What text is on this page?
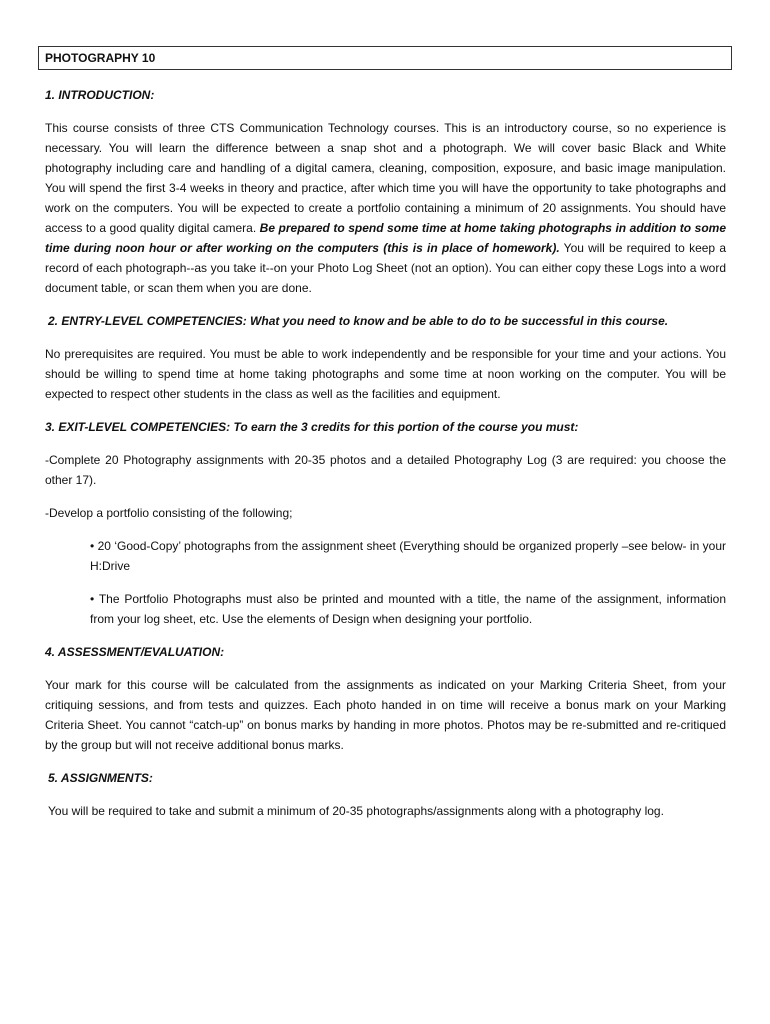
PHOTOGRAPHY 10
1. INTRODUCTION:
This course consists of three CTS Communication Technology courses. This is an introductory course, so no experience is necessary. You will learn the difference between a snap shot and a photograph. We will cover basic Black and White photography including care and handling of a digital camera, cleaning, composition, exposure, and basic image manipulation. You will spend the first 3-4 weeks in theory and practice, after which time you will have the opportunity to take photographs and work on the computers. You will be expected to create a portfolio containing a minimum of 20 assignments. You should have access to a good quality digital camera. Be prepared to spend some time at home taking photographs in addition to some time during noon hour or after working on the computers (this is in place of homework). You will be required to keep a record of each photograph--as you take it--on your Photo Log Sheet (not an option). You can either copy these Logs into a word document table, or scan them when you are done.
2. ENTRY-LEVEL COMPETENCIES: What you need to know and be able to do to be successful in this course.
No prerequisites are required. You must be able to work independently and be responsible for your time and your actions. You should be willing to spend time at home taking photographs and some time at noon working on the computer. You will be expected to respect other students in the class as well as the facilities and equipment.
3. EXIT-LEVEL COMPETENCIES: To earn the 3 credits for this portion of the course you must:
-Complete 20 Photography assignments with 20-35 photos and a detailed Photography Log (3 are required: you choose the other 17).
-Develop a portfolio consisting of the following;
• 20 ‘Good-Copy’ photographs from the assignment sheet (Everything should be organized properly –see below- in your H:Drive
• The Portfolio Photographs must also be printed and mounted with a title, the name of the assignment, information from your log sheet, etc. Use the elements of Design when designing your portfolio.
4. ASSESSMENT/EVALUATION:
Your mark for this course will be calculated from the assignments as indicated on your Marking Criteria Sheet, from your critiquing sessions, and from tests and quizzes. Each photo handed in on time will receive a bonus mark on your Marking Criteria Sheet. You cannot “catch-up” on bonus marks by handing in more photos. Photos may be re-submitted and re-critiqued by the group but will not receive additional bonus marks.
5. ASSIGNMENTS:
You will be required to take and submit a minimum of 20-35 photographs/assignments along with a photography log.
